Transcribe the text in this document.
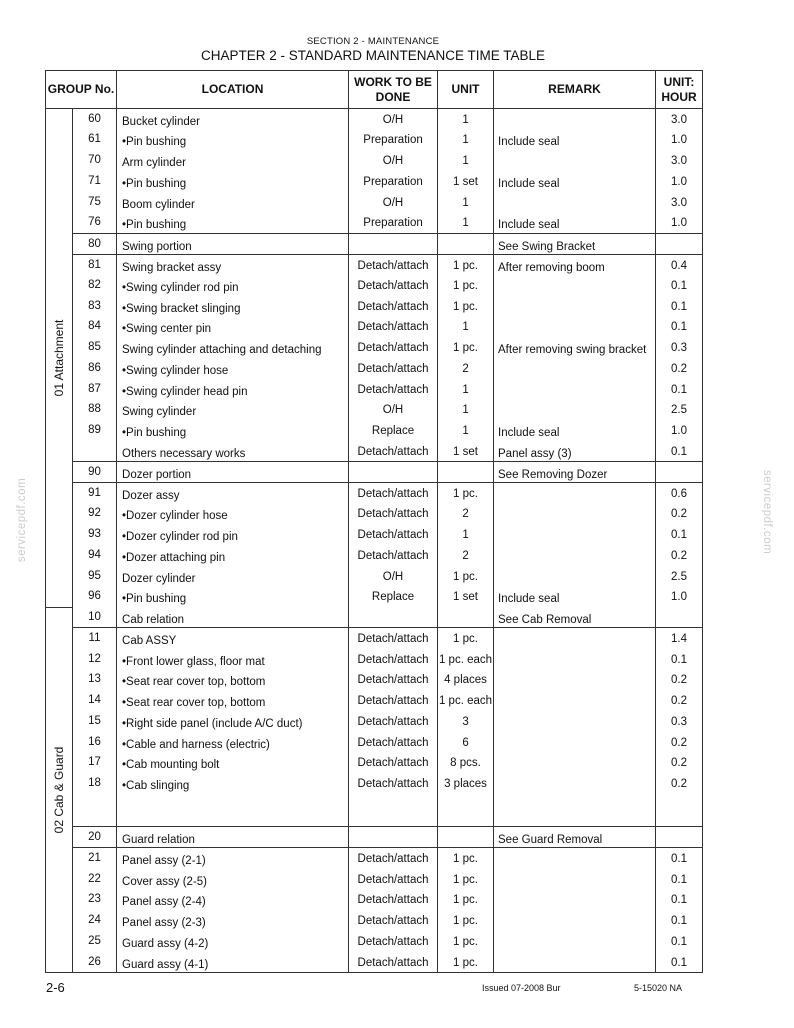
SECTION 2 - MAINTENANCE
CHAPTER 2 - STANDARD MAINTENANCE TIME TABLE
GROUP No.		LOCATION	WORK TO BE DONE	UNIT	REMARK	UNIT: HOUR

01 Attachment	60	Bucket cylinder	O/H	1		3.0
	61	•Pin bushing	Preparation	1	Include seal	1.0
	70	Arm cylinder	O/H	1		3.0
	71	•Pin bushing	Preparation	1 set	Include seal	1.0
	75	Boom cylinder	O/H	1		3.0
	76	•Pin bushing	Preparation	1	Include seal	1.0
	80	Swing portion			See Swing Bracket	
	81	Swing bracket assy	Detach/attach	1 pc.	After removing boom	0.4
	82	•Swing cylinder rod pin	Detach/attach	1 pc.		0.1
	83	•Swing bracket slinging	Detach/attach	1 pc.		0.1
	84	•Swing center pin	Detach/attach	1		0.1
	85	Swing cylinder attaching and detaching	Detach/attach	1 pc.	After removing swing bracket	0.3
	86	•Swing cylinder hose	Detach/attach	2		0.2
	87	•Swing cylinder head pin	Detach/attach	1		0.1
	88	Swing cylinder	O/H	1		2.5
	89	•Pin bushing	Replace	1	Include seal	1.0
		Others necessary works	Detach/attach	1 set	Panel assy (3)	0.1
	90	Dozer portion			See Removing Dozer	
	91	Dozer assy	Detach/attach	1 pc.		0.6
	92	•Dozer cylinder hose	Detach/attach	2		0.2
	93	•Dozer cylinder rod pin	Detach/attach	1		0.1
	94	•Dozer attaching pin	Detach/attach	2		0.2
	95	Dozer cylinder	O/H	1 pc.		2.5
	96	•Pin bushing	Replace	1 set	Include seal	1.0

02 Cab & Guard	10	Cab relation			See Cab Removal	
	11	Cab ASSY	Detach/attach	1 pc.		1.4
	12	•Front lower glass, floor mat	Detach/attach	1 pc. each		0.1
	13	•Seat rear cover top, bottom	Detach/attach	4 places		0.2
	14	•Seat rear cover top, bottom	Detach/attach	1 pc. each		0.2
	15	•Right side panel (include A/C duct)	Detach/attach	3		0.3
	16	•Cable and harness (electric)	Detach/attach	6		0.2
	17	•Cab mounting bolt	Detach/attach	8 pcs.		0.2
	18	•Cab slinging	Detach/attach	3 places		0.2

	20	Guard relation			See Guard Removal	
	21	Panel assy (2-1)	Detach/attach	1 pc.		0.1
	22	Cover assy (2-5)	Detach/attach	1 pc.		0.1
	23	Panel assy (2-4)	Detach/attach	1 pc.		0.1
	24	Panel assy (2-3)	Detach/attach	1 pc.		0.1
	25	Guard assy (4-2)	Detach/attach	1 pc.		0.1
	26	Guard assy (4-1)	Detach/attach	1 pc.		0.1
servicepdf.com	servicepdf.com
2-6	Issued 07-2008 Bur	5-15020 NA
